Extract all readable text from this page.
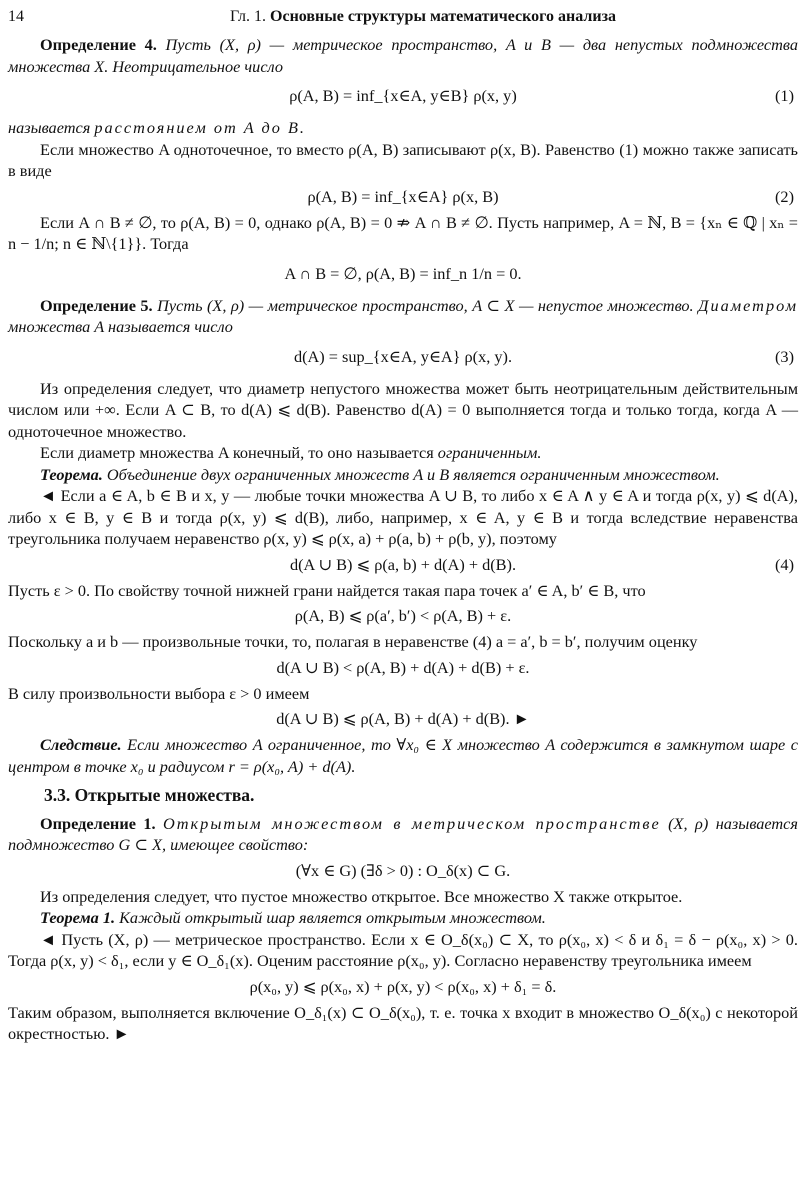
14	Гл. 1. Основные структуры математического анализа

Определение 4. Пусть (X, ρ) — метрическое пространство, A и B — два непустых подмножества множества X. Неотрицательное число

ρ(A, B) = inf_{x∈A, y∈B} ρ(x, y)	(1)

называется расстоянием от A до B.

Если множество A одноточечное, то вместо ρ(A, B) записывают ρ(x, B). Равенство (1) можно также записать в виде

ρ(A, B) = inf_{x∈A} ρ(x, B)	(2)

Если A ∩ B ≠ ∅, то ρ(A, B) = 0, однако ρ(A, B) = 0 ⇏ A ∩ B ≠ ∅. Пусть например, A = ℕ, B = {xₙ ∈ ℚ | xₙ = n − 1/n; n ∈ ℕ\{1}}. Тогда

A ∩ B = ∅, ρ(A, B) = inf_n 1/n = 0.

Определение 5. Пусть (X, ρ) — метрическое пространство, A ⊂ X — непустое множество. Диаметром множества A называется число

d(A) = sup_{x∈A, y∈A} ρ(x, y).	(3)

Из определения следует, что диаметр непустого множества может быть неотрицательным действительным числом или +∞. Если A ⊂ B, то d(A) ⩽ d(B). Равенство d(A) = 0 выполняется тогда и только тогда, когда A — одноточечное множество.

Если диаметр множества A конечный, то оно называется ограниченным.

Теорема. Объединение двух ограниченных множеств A и B является ограниченным множеством.

◄ Если a ∈ A, b ∈ B и x, y — любые точки множества A ∪ B, то либо x ∈ A ∧ y ∈ A и тогда ρ(x, y) ⩽ d(A), либо x ∈ B, y ∈ B и тогда ρ(x, y) ⩽ d(B), либо, например, x ∈ A, y ∈ B и тогда вследствие неравенства треугольника получаем неравенство ρ(x, y) ⩽ ρ(x, a) + ρ(a, b) + ρ(b, y), поэтому

d(A ∪ B) ⩽ ρ(a, b) + d(A) + d(B).	(4)

Пусть ε > 0. По свойству точной нижней грани найдется такая пара точек a′ ∈ A, b′ ∈ B, что

ρ(A, B) ⩽ ρ(a′, b′) < ρ(A, B) + ε.

Поскольку a и b — произвольные точки, то, полагая в неравенстве (4) a = a′, b = b′, получим оценку

d(A ∪ B) < ρ(A, B) + d(A) + d(B) + ε.

В силу произвольности выбора ε > 0 имеем

d(A ∪ B) ⩽ ρ(A, B) + d(A) + d(B). ►

Следствие. Если множество A ограниченное, то ∀x₀ ∈ X множество A содержится в замкнутом шаре с центром в точке x₀ и радиусом r = ρ(x₀, A) + d(A).

3.3. Открытые множества.

Определение 1. Открытым множеством в метрическом пространстве (X, ρ) называется подмножество G ⊂ X, имеющее свойство:

(∀x ∈ G) (∃δ > 0) : O_δ(x) ⊂ G.

Из определения следует, что пустое множество открытое. Все множество X также открытое.

Теорема 1. Каждый открытый шар является открытым множеством.

◄ Пусть (X, ρ) — метрическое пространство. Если x ∈ O_δ(x₀) ⊂ X, то ρ(x₀, x) < δ и δ₁ = δ − ρ(x₀, x) > 0. Тогда ρ(x, y) < δ₁, если y ∈ O_δ₁(x). Оценим расстояние ρ(x₀, y). Согласно неравенству треугольника имеем

ρ(x₀, y) ⩽ ρ(x₀, x) + ρ(x, y) < ρ(x₀, x) + δ₁ = δ.

Таким образом, выполняется включение O_δ₁(x) ⊂ O_δ(x₀), т. е. точка x входит в множество O_δ(x₀) с некоторой окрестностью. ►
